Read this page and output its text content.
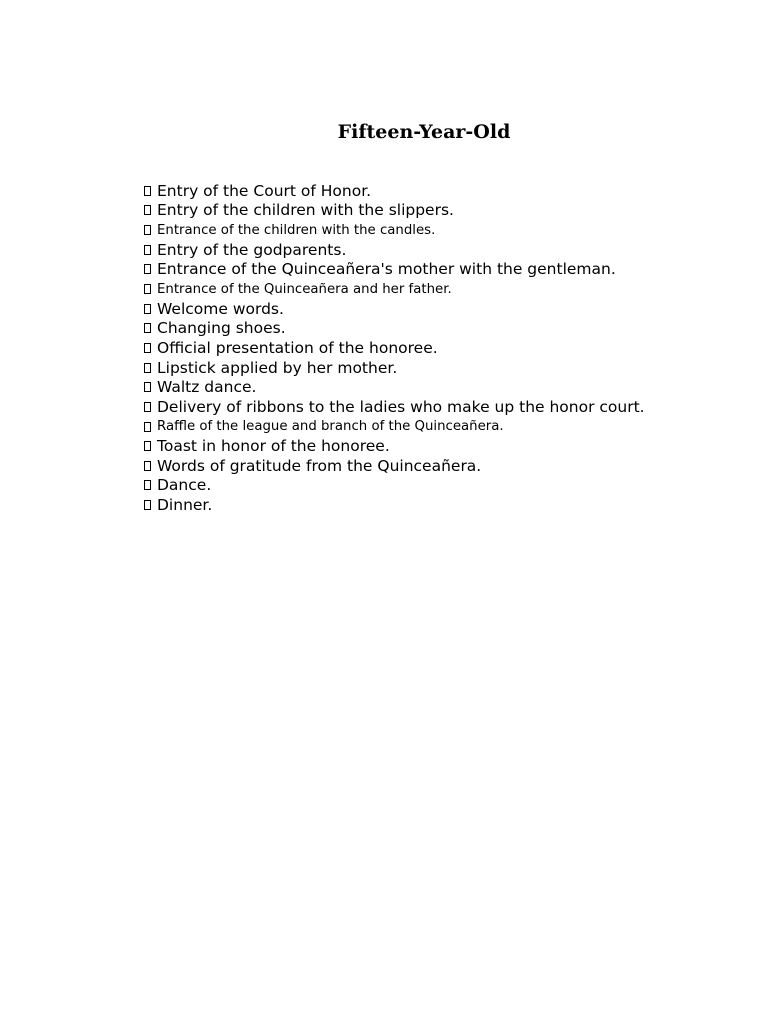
Fifteen-Year-Old
Entry of the Court of Honor.
Entry of the children with the slippers.
Entrance of the children with the candles.
Entry of the godparents.
Entrance of the Quinceañera's mother with the gentleman.
Entrance of the Quinceañera and her father.
Welcome words.
Changing shoes.
Official presentation of the honoree.
Lipstick applied by her mother.
Waltz dance.
Delivery of ribbons to the ladies who make up the honor court.
Raffle of the league and branch of the Quinceañera.
Toast in honor of the honoree.
Words of gratitude from the Quinceañera.
Dance.
Dinner.
